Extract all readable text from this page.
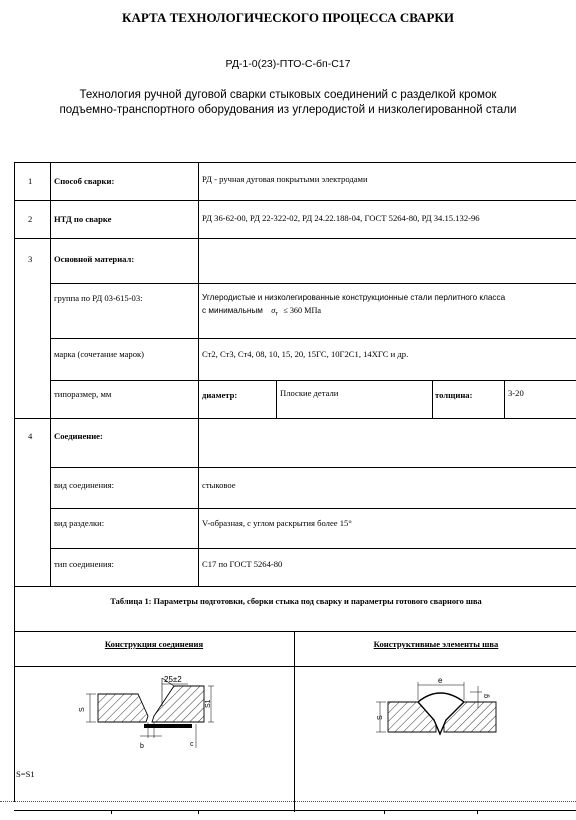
КАРТА ТЕХНОЛОГИЧЕСКОГО ПРОЦЕССА СВАРКИ
РД-1-0(23)-ПТО-С-бп-С17
Технология ручной дуговой сварки стыковых соединений с разделкой кромок
подъемно-транспортного оборудования из углеродистой и низколегированной стали
1	Способ сварки:	РД - ручная дуговая покрытыми электродами
2	НТД по сварке	РД 36-62-00, РД 22-322-02, РД 24.22.188-04, ГОСТ 5264-80, РД 34.15.132-96
3	Основной материал:
группа по РД 03-615-03:	Углеродистые и низколегированные конструкционные стали перлитного класса
с минимальным $\sigma_т \le 360$ МПа
марка (сочетание марок)	Ст2, Ст3, Ст4, 08, 10, 15, 20, 15ГС, 10Г2С1, 14ХГС и др.
типоразмер, мм	диаметр:	Плоские детали	толщина:	3-20
4	Соединение:
вид соединения:	стыковое
вид разделки:	V-образная, с углом раскрытия более 15°
тип соединения:	С17 по ГОСТ 5264-80
Таблица 1: Параметры подготовки, сборки стыка под сварку и параметры готового сварного шва
Конструкция соединения	Конструктивные элементы шва
25±2
S
S1
b	c
e
S
g
S=S1
